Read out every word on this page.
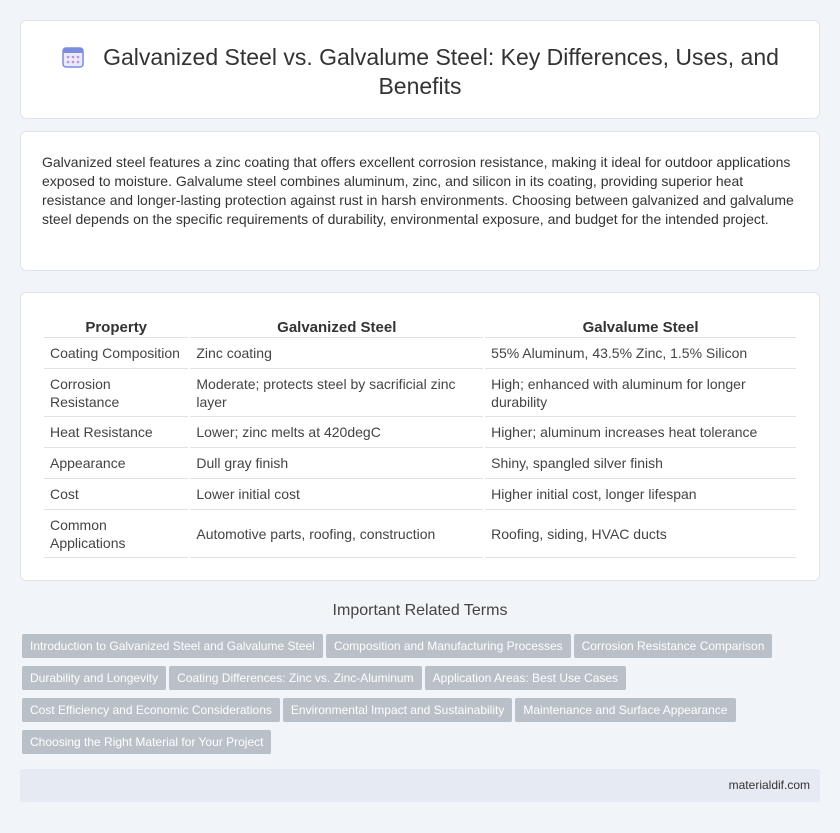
Galvanized Steel vs. Galvalume Steel: Key Differences, Uses, and Benefits

Galvanized steel features a zinc coating that offers excellent corrosion resistance, making it ideal for outdoor applications exposed to moisture. Galvalume steel combines aluminum, zinc, and silicon in its coating, providing superior heat resistance and longer-lasting protection against rust in harsh environments. Choosing between galvanized and galvalume steel depends on the specific requirements of durability, environmental exposure, and budget for the intended project.

Property	Galvanized Steel	Galvalume Steel
Coating Composition	Zinc coating	55% Aluminum, 43.5% Zinc, 1.5% Silicon
Corrosion Resistance	Moderate; protects steel by sacrificial zinc layer	High; enhanced with aluminum for longer durability
Heat Resistance	Lower; zinc melts at 420degC	Higher; aluminum increases heat tolerance
Appearance	Dull gray finish	Shiny, spangled silver finish
Cost	Lower initial cost	Higher initial cost, longer lifespan
Common Applications	Automotive parts, roofing, construction	Roofing, siding, HVAC ducts
Important Related Terms
Introduction to Galvanized Steel and Galvalume Steel Composition and Manufacturing Processes Corrosion Resistance Comparison
Durability and Longevity Coating Differences: Zinc vs. Zinc-Aluminum Application Areas: Best Use Cases
Cost Efficiency and Economic Considerations Environmental Impact and Sustainability Maintenance and Surface Appearance
Choosing the Right Material for Your Project
materialdif.com
